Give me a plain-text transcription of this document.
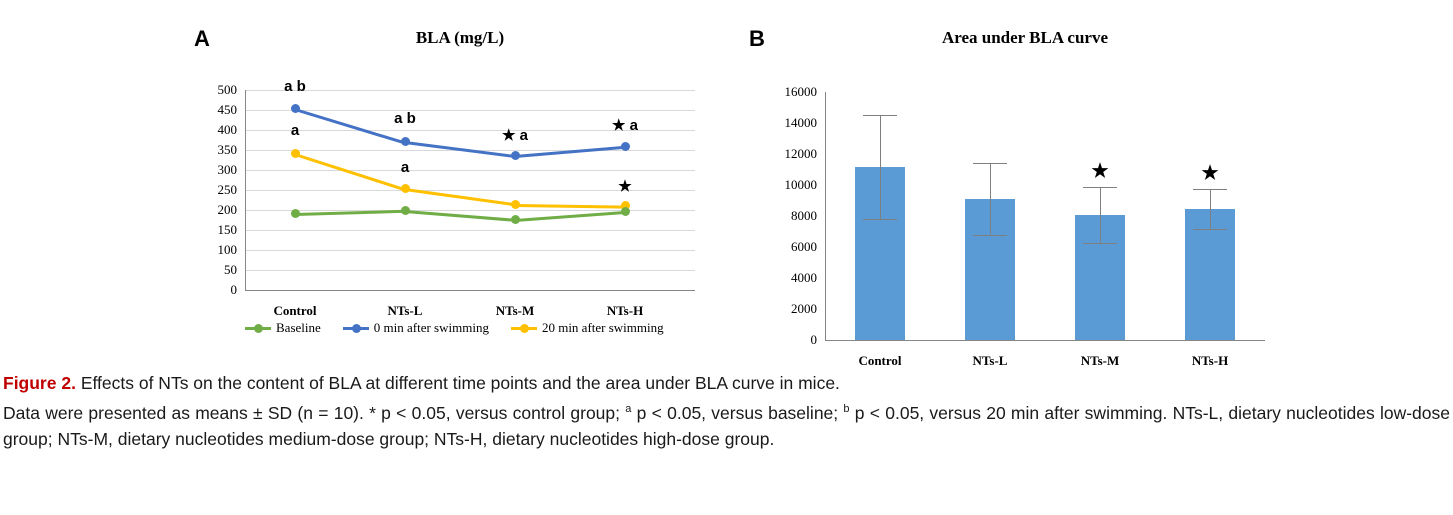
A	BLA (mg/L)
500
450
400
350
300
250
200
150
100
50
0
Control	NTs-L	NTs-M	NTs-H
a b
a b
★ a
★ a
a
a
★
Baseline	0 min after swimming	20 min after swimming
B	Area under BLA curve
16000
14000
12000
10000
8000
6000
4000
2000
0
★	★
Control	NTs-L	NTs-M	NTs-H

Figure 2. Effects of NTs on the content of BLA at different time points and the area under BLA curve in mice.

Data were presented as means ± SD (n = 10). * p < 0.05, versus control group; $^a$ p < 0.05, versus baseline; $^b$ p < 0.05, versus 20 min after swimming. NTs-L, dietary nucleotides low-dose group; NTs-M, dietary nucleotides medium-dose group; NTs-H, dietary nucleotides high-dose group.
